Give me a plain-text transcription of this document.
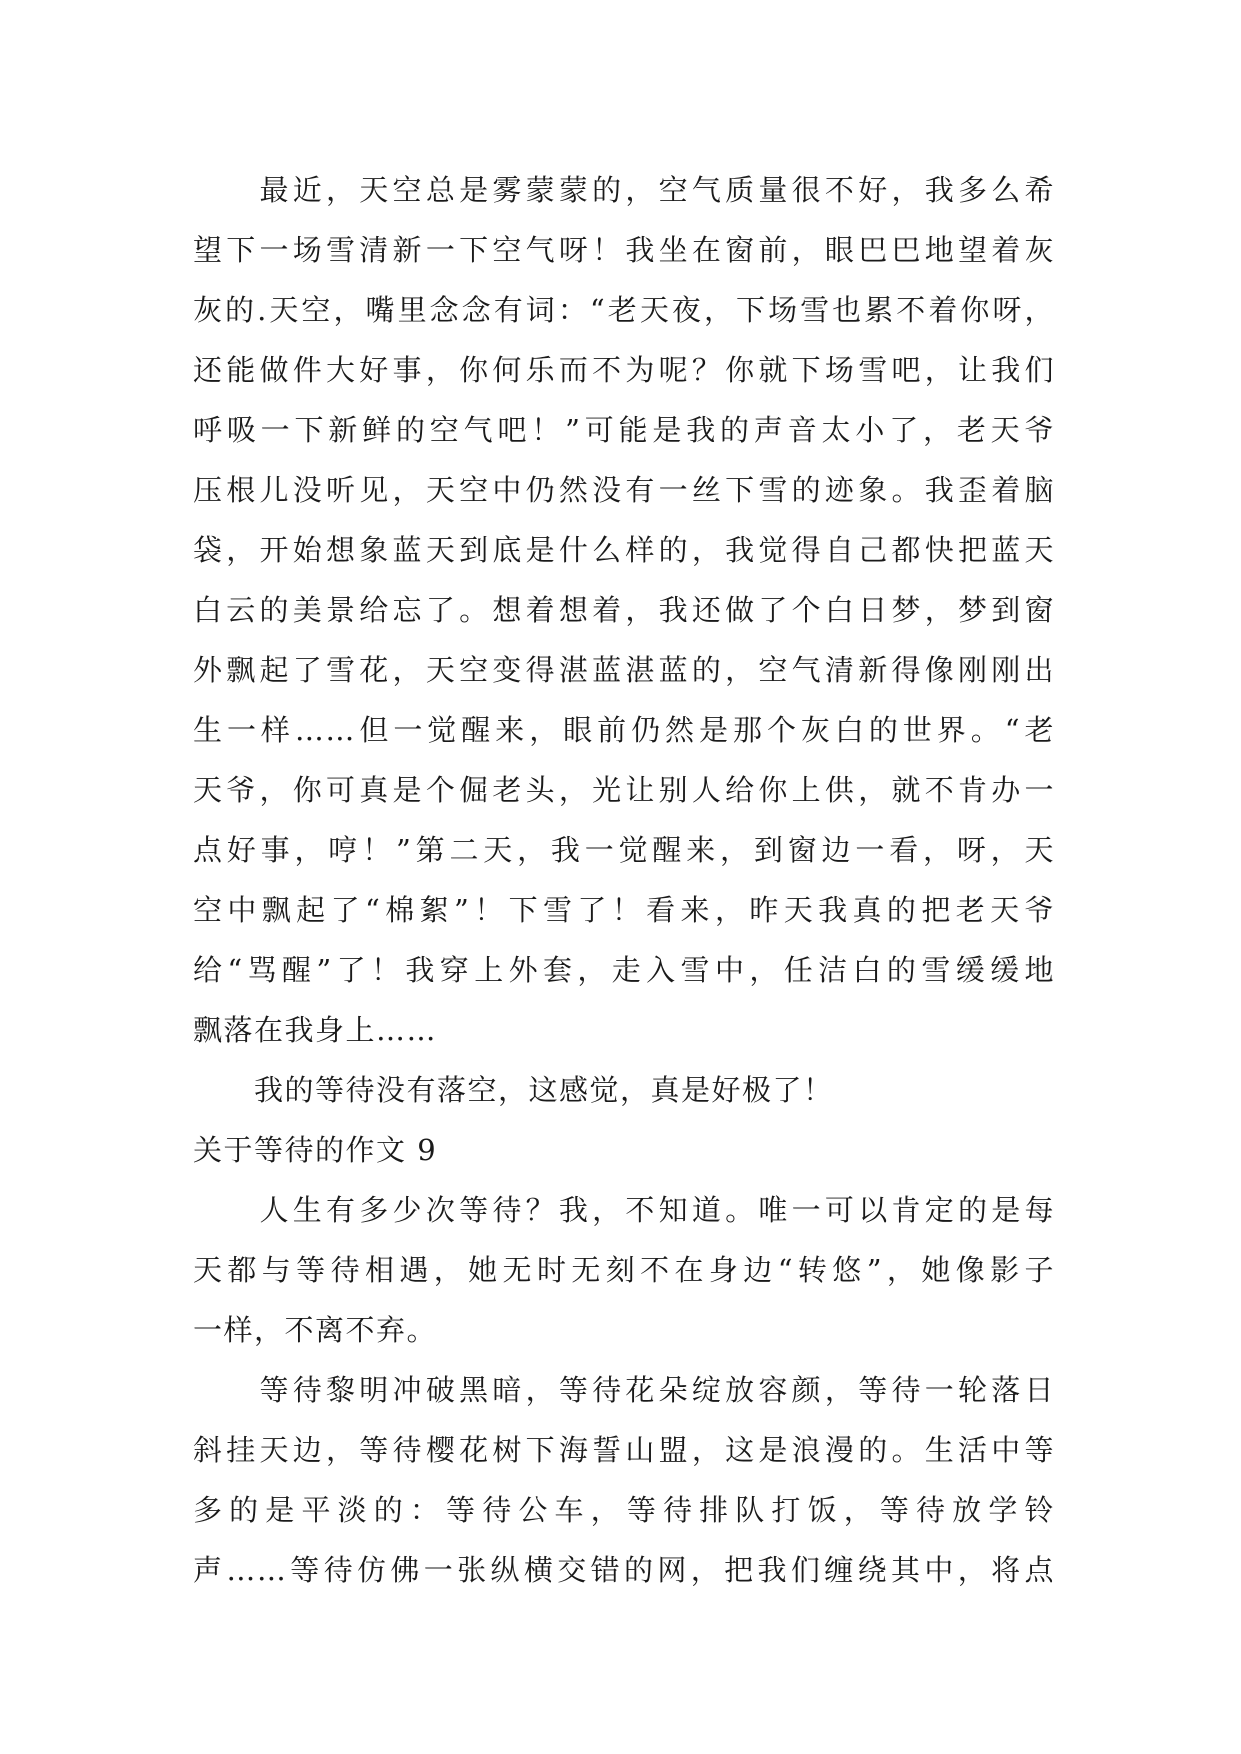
　　最近，天空总是雾蒙蒙的，空气质量很不好，我多么希
望下一场雪清新一下空气呀！我坐在窗前，眼巴巴地望着灰
灰的.天空，嘴里念念有词：“老天夜，下场雪也累不着你呀，
还能做件大好事，你何乐而不为呢？你就下场雪吧，让我们
呼吸一下新鲜的空气吧！”可能是我的声音太小了，老天爷
压根儿没听见，天空中仍然没有一丝下雪的迹象。我歪着脑
袋，开始想象蓝天到底是什么样的，我觉得自己都快把蓝天
白云的美景给忘了。想着想着，我还做了个白日梦，梦到窗
外飘起了雪花，天空变得湛蓝湛蓝的，空气清新得像刚刚出
生一样……但一觉醒来，眼前仍然是那个灰白的世界。“老
天爷，你可真是个倔老头，光让别人给你上供，就不肯办一
点好事，哼！”第二天，我一觉醒来，到窗边一看，呀，天
空中飘起了“棉絮”！下雪了！看来，昨天我真的把老天爷
给“骂醒”了！我穿上外套，走入雪中，任洁白的雪缓缓地
飘落在我身上……
　　我的等待没有落空，这感觉，真是好极了！
关于等待的作文 9
　　人生有多少次等待？我，不知道。唯一可以肯定的是每
天都与等待相遇，她无时无刻不在身边“转悠”，她像影子
一样，不离不弃。
　　等待黎明冲破黑暗，等待花朵绽放容颜，等待一轮落日
斜挂天边，等待樱花树下海誓山盟，这是浪漫的。生活中等
多的是平淡的：等待公车，等待排队打饭，等待放学铃
声……等待仿佛一张纵横交错的网，把我们缠绕其中，将点
